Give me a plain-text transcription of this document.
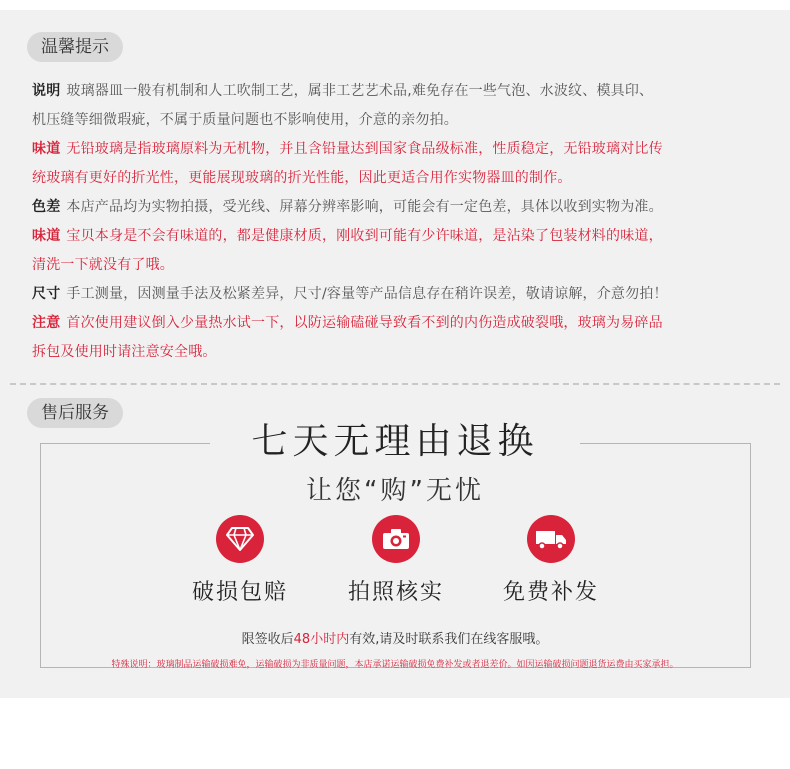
温馨提示
说明 玻璃器皿一般有机制和人工吹制工艺，属非工艺艺术品,难免存在一些气泡、水波纹、模具印、
机压缝等细微瑕疵，不属于质量问题也不影响使用，介意的亲勿拍。
味道 无铅玻璃是指玻璃原料为无机物，并且含铅量达到国家食品级标准，性质稳定，无铅玻璃对比传
统玻璃有更好的折光性，更能展现玻璃的折光性能，因此更适合用作实物器皿的制作。
色差 本店产品均为实物拍摄，受光线、屏幕分辨率影响，可能会有一定色差，具体以收到实物为准。
味道 宝贝本身是不会有味道的，都是健康材质，刚收到可能有少许味道，是沾染了包装材料的味道，
清洗一下就没有了哦。
尺寸 手工测量，因测量手法及松紧差异，尺寸/容量等产品信息存在稍许误差，敬请谅解，介意勿拍！
注意 首次使用建议倒入少量热水试一下，以防运输磕碰导致看不到的内伤造成破裂哦，玻璃为易碎品
拆包及使用时请注意安全哦。
售后服务
七天无理由退换
让您“购”无忧
破损包赔	拍照核实	免费补发
限签收后48小时内有效,请及时联系我们在线客服哦。
特殊说明：玻璃制品运输破损难免，运输破损为非质量问题，本店承诺运输破损免费补发或者退差价。如因运输破损问题退货运费由买家承担。
